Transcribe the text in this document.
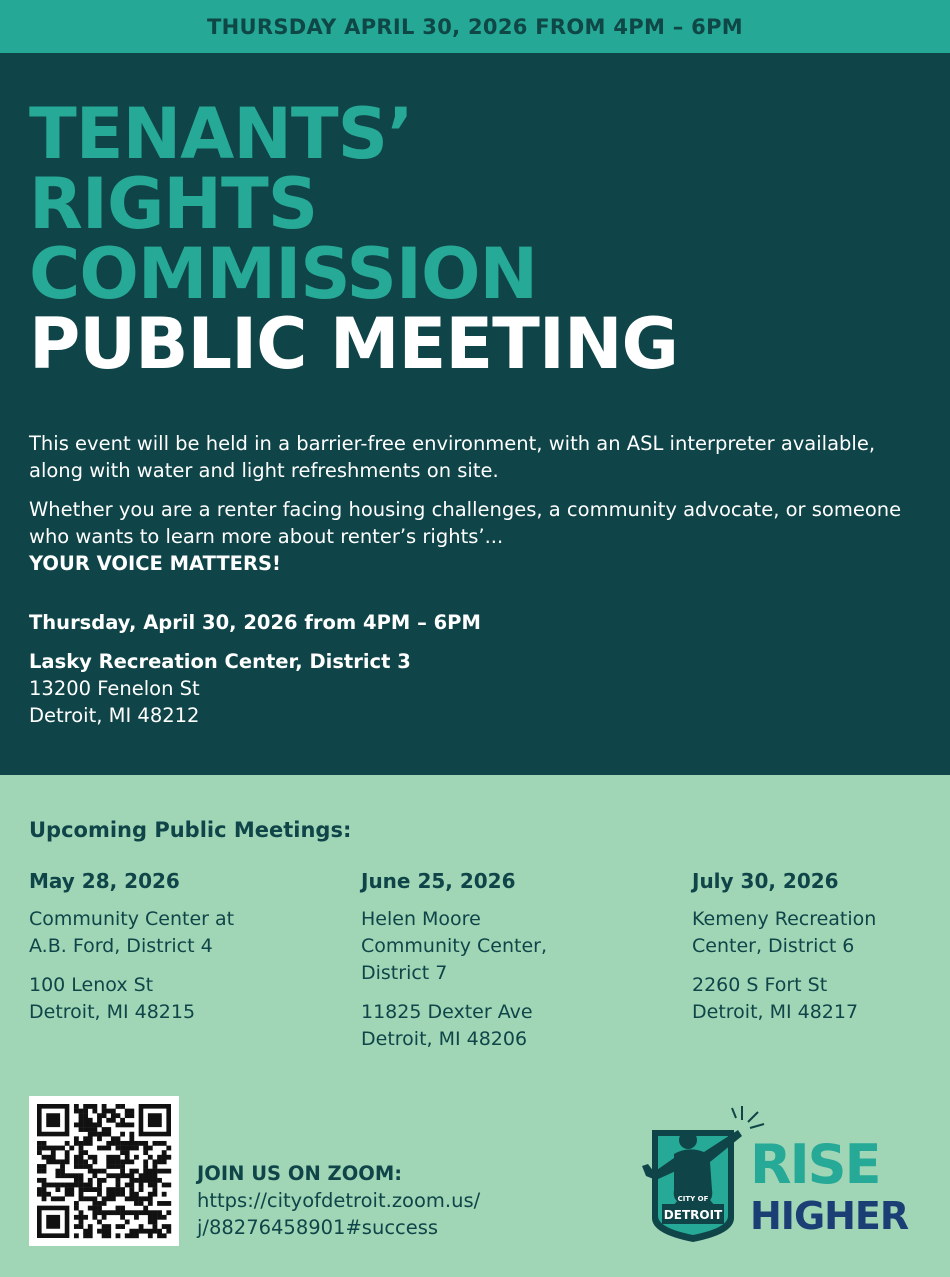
THURSDAY APRIL 30, 2026 FROM 4PM – 6PM
TENANTS’
RIGHTS
COMMISSION
PUBLIC MEETING
This event will be held in a barrier-free environment, with an ASL interpreter available, along with water and light refreshments on site.
Whether you are a renter facing housing challenges, a community advocate, or someone who wants to learn more about renter’s rights’...
YOUR VOICE MATTERS!
Thursday, April 30, 2026 from 4PM – 6PM
Lasky Recreation Center, District 3
13200 Fenelon St
Detroit, MI 48212
Upcoming Public Meetings:
May 28, 2026
Community Center at
A.B. Ford, District 4
100 Lenox St
Detroit, MI 48215
June 25, 2026
Helen Moore
Community Center,
District 7
11825 Dexter Ave
Detroit, MI 48206
July 30, 2026
Kemeny Recreation
Center, District 6
2260 S Fort St
Detroit, MI 48217
JOIN US ON ZOOM:
https://cityofdetroit.zoom.us/
j/88276458901#success
CITY OF
DETROIT
RISE
HIGHER
